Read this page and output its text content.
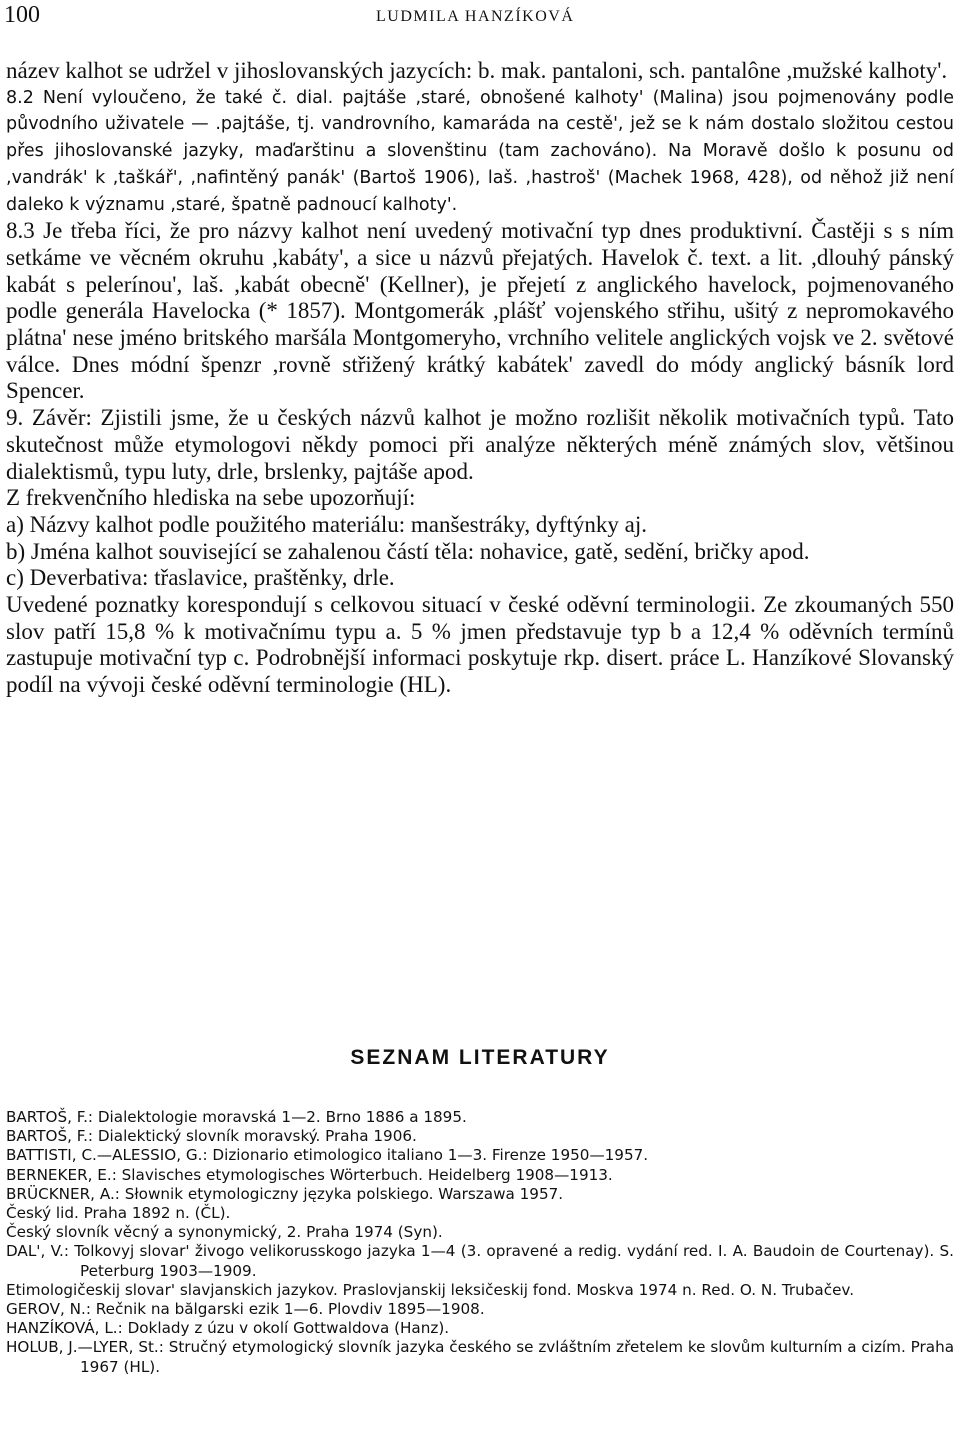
100	LUDMILA HANZÍKOVÁ

název kalhot se udržel v jihoslovanských jazycích: b. mak. pantaloni, sch. pantalône ,mužské kalhoty'.

8.2 Není vyloučeno, že také č. dial. pajtáše ,staré, obnošené kalhoty' (Malina) jsou pojmenovány podle původního uživatele — .pajtáše, tj. vandrovního, kamaráda na cestě', jež se k nám dostalo složitou cestou přes jihoslovanské jazyky, maďarštinu a slovenštinu (tam zachováno). Na Moravě došlo k posunu od ,vandrák' k ,taškář', ,nafintěný panák' (Bartoš 1906), laš. ,hastroš' (Machek 1968, 428), od něhož již není daleko k významu ,staré, špatně padnoucí kalhoty'.

8.3 Je třeba říci, že pro názvy kalhot není uvedený motivační typ dnes produktivní. Častěji s s ním setkáme ve věcném okruhu ,kabáty', a sice u názvů přejatých. Havelok č. text. a lit. ,dlouhý pánský kabát s pelerínou', laš. ,kabát obecně' (Kellner), je přejetí z anglického havelock, pojmenovaného podle generála Havelocka (* 1857). Montgomerák ,plášť vojenského střihu, ušitý z nepromokavého plátna' nese jméno britského maršála Montgomeryho, vrchního velitele anglických vojsk ve 2. světové válce. Dnes módní špenzr ,rovně střižený krátký kabátek' zavedl do módy anglický básník lord Spencer.

9. Závěr: Zjistili jsme, že u českých názvů kalhot je možno rozlišit několik motivačních typů. Tato skutečnost může etymologovi někdy pomoci při analýze některých méně známých slov, většinou dialektismů, typu luty, drle, brslenky, pajtáše apod.

Z frekvenčního hlediska na sebe upozorňují:

a) Názvy kalhot podle použitého materiálu: manšestráky, dyftýnky aj.

b) Jména kalhot související se zahalenou částí těla: nohavice, gatě, sedění, bričky apod.

c) Deverbativa: třaslavice, praštěnky, drle.

Uvedené poznatky korespondují s celkovou situací v české oděvní terminologii. Ze zkoumaných 550 slov patří 15,8 % k motivačnímu typu a. 5 % jmen představuje typ b a 12,4 % oděvních termínů zastupuje motivační typ c. Podrobnější informaci poskytuje rkp. disert. práce L. Hanzíkové Slovanský podíl na vývoji české oděvní terminologie (HL).

SEZNAM LITERATURY

BARTOŠ, F.: Dialektologie moravská 1—2. Brno 1886 a 1895.

BARTOŠ, F.: Dialektický slovník moravský. Praha 1906.

BATTISTI, C.—ALESSIO, G.: Dizionario etimologico italiano 1—3. Firenze 1950—1957.

BERNEKER, E.: Slavisches etymologisches Wörterbuch. Heidelberg 1908—1913.

BRÜCKNER, A.: Słownik etymologiczny języka polskiego. Warszawa 1957.

Český lid. Praha 1892 n. (ČL).

Český slovník věcný a synonymický, 2. Praha 1974 (Syn).

DAL', V.: Tolkovyj slovar' živogo velikorusskogo jazyka 1—4 (3. opravené a redig. vydání red. I. A. Baudoin de Courtenay). S. Peterburg 1903—1909.

Etimologičeskij slovar' slavjanskich jazykov. Praslovjanskij leksičeskij fond. Moskva 1974 n. Red. O. N. Trubačev.

GEROV, N.: Rečnik na bălgarski ezik 1—6. Plovdiv 1895—1908.

HANZÍKOVÁ, L.: Doklady z úzu v okolí Gottwaldova (Hanz).

HOLUB, J.—LYER, St.: Stručný etymologický slovník jazyka českého se zvláštním zřetelem ke slovům kulturním a cizím. Praha 1967 (HL).
